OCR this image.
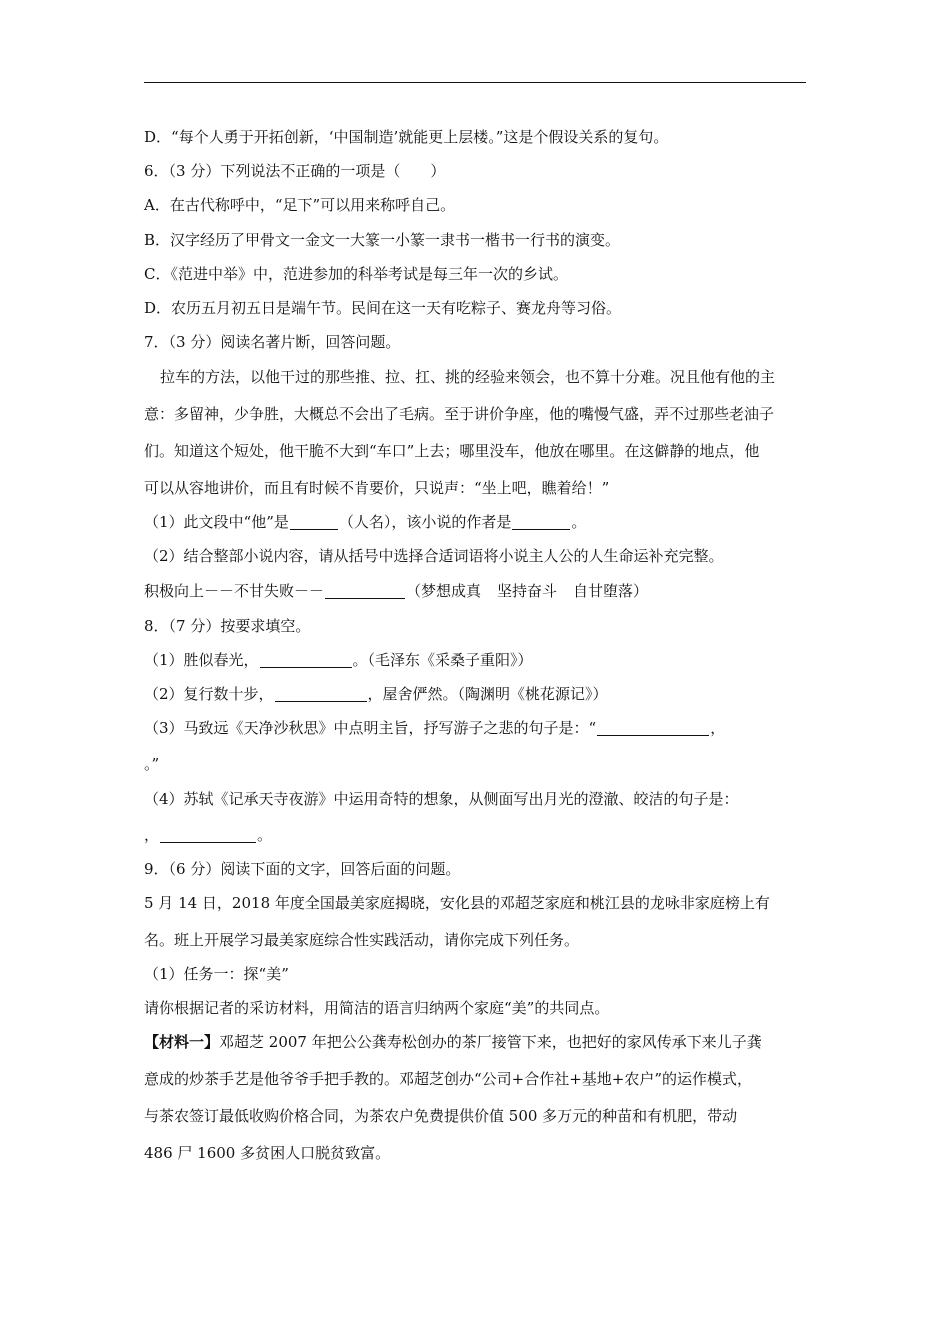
D．“每个人勇于开拓创新，‘中国制造’就能更上层楼。”这是个假设关系的复句。
6．（3 分）下列说法不正确的一项是（　　）
A．在古代称呼中，“足下”可以用来称呼自己。
B．汉字经历了甲骨文一金文一大篆一小篆一隶书一楷书一行书的演变。
C．《范进中举》中，范进参加的科举考试是每三年一次的乡试。
D．农历五月初五日是端午节。民间在这一天有吃粽子、赛龙舟等习俗。
7．（3 分）阅读名著片断，回答问题。
拉车的方法，以他干过的那些推、拉、扛、挑的经验来领会，也不算十分难。况且他有他的主
意：多留神，少争胜，大概总不会出了毛病。至于讲价争座，他的嘴慢气盛，弄不过那些老油子
们。知道这个短处，他干脆不大到“车口”上去；哪里没车，他放在哪里。在这僻静的地点，他
可以从容地讲价，而且有时候不肯要价，只说声：“坐上吧，瞧着给！”
（1）此文段中“他”是	（人名），该小说的作者是	。
（2）结合整部小说内容，请从括号中选择合适词语将小说主人公的人生命运补充完整。
积极向上－－不甘失败－－	（梦想成真 坚持奋斗 自甘堕落）
8．（7 分）按要求填空。
（1）胜似春光，	。（毛泽东《采桑子重阳》）
（2）复行数十步，	，屋舍俨然。（陶渊明《桃花源记》）
（3）马致远《天净沙秋思》中点明主旨，抒写游子之悲的句子是：“	，
。”
（4）苏轼《记承天寺夜游》中运用奇特的想象，从侧面写出月光的澄澈、皎洁的句子是：
，	。
9．（6 分）阅读下面的文字，回答后面的问题。
5 月 14 日，2018 年度全国最美家庭揭晓，安化县的邓超芝家庭和桃江县的龙咏非家庭榜上有
名。班上开展学习最美家庭综合性实践活动，请你完成下列任务。
（1）任务一：探“美”
请你根据记者的采访材料，用简洁的语言归纳两个家庭“美”的共同点。
【材料一】邓超芝 2007 年把公公龚寿松创办的茶厂接管下来，也把好的家风传承下来儿子龚
意成的炒茶手艺是他爷爷手把手教的。邓超芝创办“公司+合作社+基地+农户”的运作模式，
与茶农签订最低收购价格合同，为茶农户免费提供价值 500 多万元的种苗和有机肥，带动
486 尸 1600 多贫困人口脱贫致富。
